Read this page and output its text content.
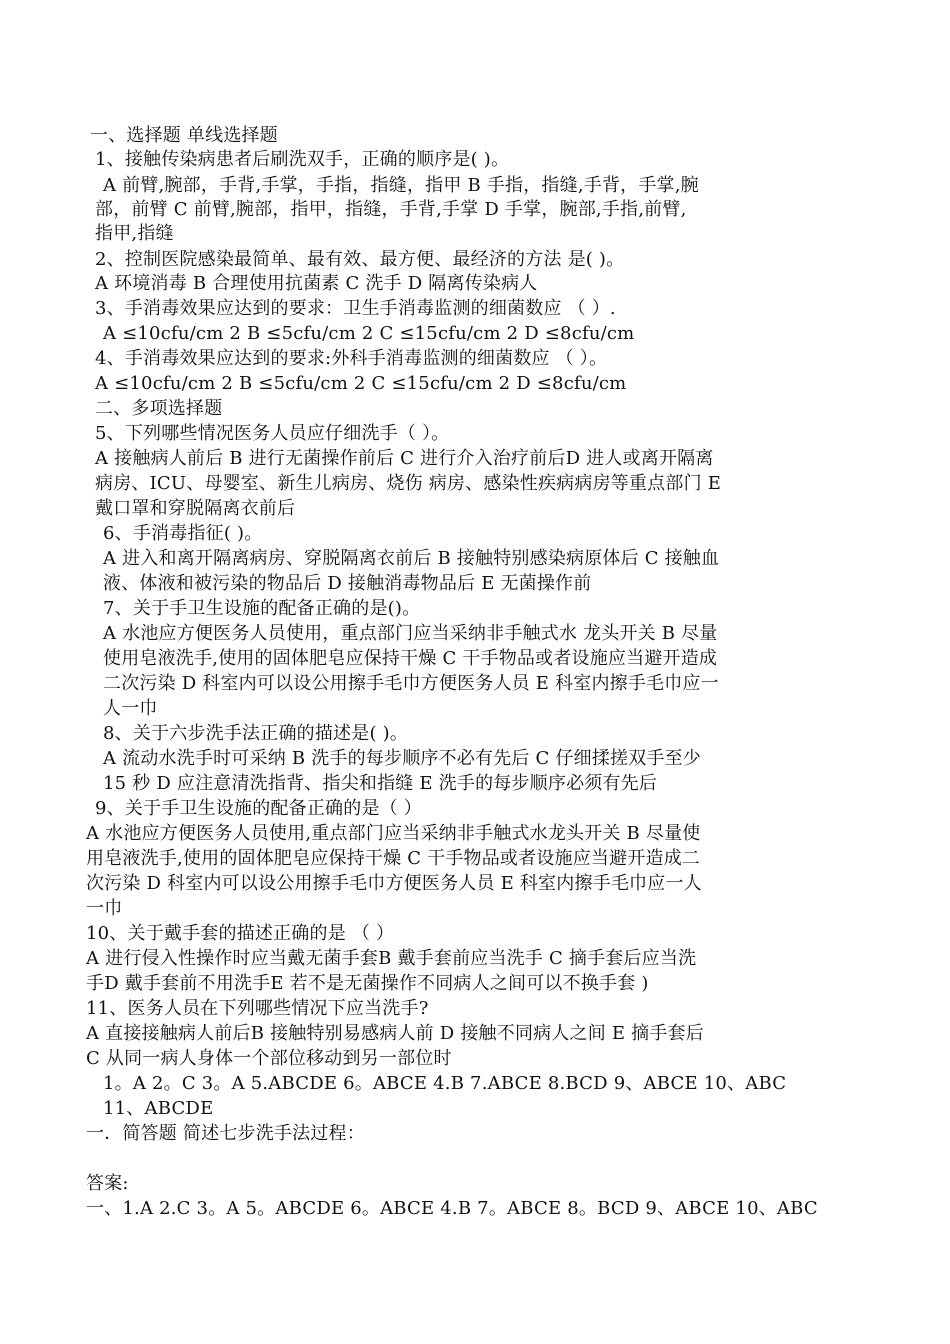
一、选择题 单线选择题

1、接触传染病患者后刷洗双手，正确的顺序是( )。

A 前臂,腕部，手背,手掌，手指，指缝，指甲 B 手指，指缝,手背，手掌,腕

部，前臂 C 前臂,腕部，指甲，指缝，手背,手掌 D 手掌，腕部,手指,前臂,

指甲,指缝

2、控制医院感染最简单、最有效、最方便、最经济的方法 是( )。

A 环境消毒 B 合理使用抗菌素 C 洗手 D 隔离传染病人

3、手消毒效果应达到的要求：卫生手消毒监测的细菌数应 （ ）.

A ≤10cfu/cm 2 B ≤5cfu/cm 2 C ≤15cfu/cm 2 D ≤8cfu/cm

4、手消毒效果应达到的要求:外科手消毒监测的细菌数应 （ ）。

A ≤10cfu/cm 2 B ≤5cfu/cm 2 C ≤15cfu/cm 2 D ≤8cfu/cm

二、多项选择题

5、下列哪些情况医务人员应仔细洗手（ ）。

A 接触病人前后 B 进行无菌操作前后 C 进行介入治疗前后D 进人或离开隔离

病房、ICU、母婴室、新生儿病房、烧伤 病房、感染性疾病病房等重点部门 E

戴口罩和穿脱隔离衣前后

6、手消毒指征( )。

A 进入和离开隔离病房、穿脱隔离衣前后 B 接触特别感染病原体后 C 接触血

液、体液和被污染的物品后 D 接触消毒物品后 E 无菌操作前

7、关于手卫生设施的配备正确的是()。

A 水池应方便医务人员使用，重点部门应当采纳非手触式水 龙头开关 B 尽量

使用皂液洗手,使用的固体肥皂应保持干燥 C 干手物品或者设施应当避开造成

二次污染 D 科室内可以设公用擦手毛巾方便医务人员 E 科室内擦手毛巾应一

人一巾

8、关于六步洗手法正确的描述是( )。

A 流动水洗手时可采纳 B 洗手的每步顺序不必有先后 C 仔细揉搓双手至少

15 秒 D 应注意清洗指背、指尖和指缝 E 洗手的每步顺序必须有先后

9、关于手卫生设施的配备正确的是（ ）

A 水池应方便医务人员使用,重点部门应当采纳非手触式水龙头开关 B 尽量使

用皂液洗手,使用的固体肥皂应保持干燥 C 干手物品或者设施应当避开造成二

次污染 D 科室内可以设公用擦手毛巾方便医务人员 E 科室内擦手毛巾应一人

一巾

10、关于戴手套的描述正确的是 （ ）

A 进行侵入性操作时应当戴无菌手套B 戴手套前应当洗手 C 摘手套后应当洗

手D 戴手套前不用洗手E 若不是无菌操作不同病人之间可以不换手套 )

11、医务人员在下列哪些情况下应当洗手?

A 直接接触病人前后B 接触特别易感病人前 D 接触不同病人之间 E 摘手套后

C 从同一病人身体一个部位移动到另一部位时

1。A 2。C 3。A 5.ABCDE 6。ABCE 4.B 7.ABCE 8.BCD 9、ABCE 10、ABC

11、ABCDE

一．简答题 简述七步洗手法过程：

答案:

一、1.A 2.C 3。A 5。ABCDE 6。ABCE 4.B 7。ABCE 8。BCD 9、ABCE 10、ABC
